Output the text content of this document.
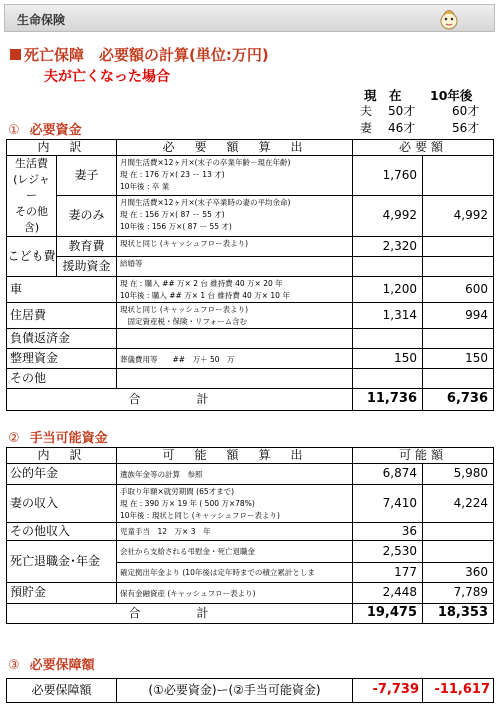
生命保険
死亡保障　必要額の計算(単位:万円)
夫が亡くなった場合
現　在 10年後
夫 50才	60才
妻 46才	56才
① 必要資金
内　訳		必　要　額　算　出	必要額	
生活費
(レジャー
その他
含)	妻子	月間生活費×12ヶ月×(末子の卒業年齢－現在年齢)
現 在 : 176 万×( 23 ー 13 才)
10年後 : 卒 業	1,760	
	妻のみ	月間生活費×12ヶ月×(末子卒業時の妻の平均余命)
現 在 : 156 万×( 87 ー 55 才)
10年後 : 156 万×( 87 ー 55 才)	4,992	4,992
こども費	教育費	現状と同じ (キャッシュフロー表より)	2,320	
	援助資金	結婚等		
車		現 在 : 購入 ## 万× 2 台 維持費 40 万× 20 年
10年後 : 購入 ## 万× 1 台 維持費 40 万× 10 年	1,200	600
住居費		現状と同じ (キャッシュフロー表より)
　固定資産税・保険・リフォーム含む	1,314	994
負債返済金				
整理資金		葬儀費用等　　##　万＋ 50　万	150	150
その他				
合　計			11,736	6,736
② 手当可能資金
内　訳	可　能　額　算　出	可能額	
公的年金	遺族年金等の計算　参照	6,874	5,980
妻の収入	手取り年額×就労期間 (65才まで)
現 在 : 390 万× 19 年 ( 500 万×78%)
10年後 : 現状と同じ (キャッシュフロー表より)	7,410	4,224
その他収入	児童手当　12　万× 3　年	36	
死亡退職金･年金	会社から支給される弔慰金・死亡退職金	2,530	
	確定拠出年金より (10年後は定年時までの積立累計としま	177	360
預貯金	保有金融資産 (キャッシュフロー表より)	2,448	7,789
合　計		19,475	18,353
③ 必要保障額
必要保障額	(①必要資金)ー(②手当可能資金)	-7,739	-11,617
